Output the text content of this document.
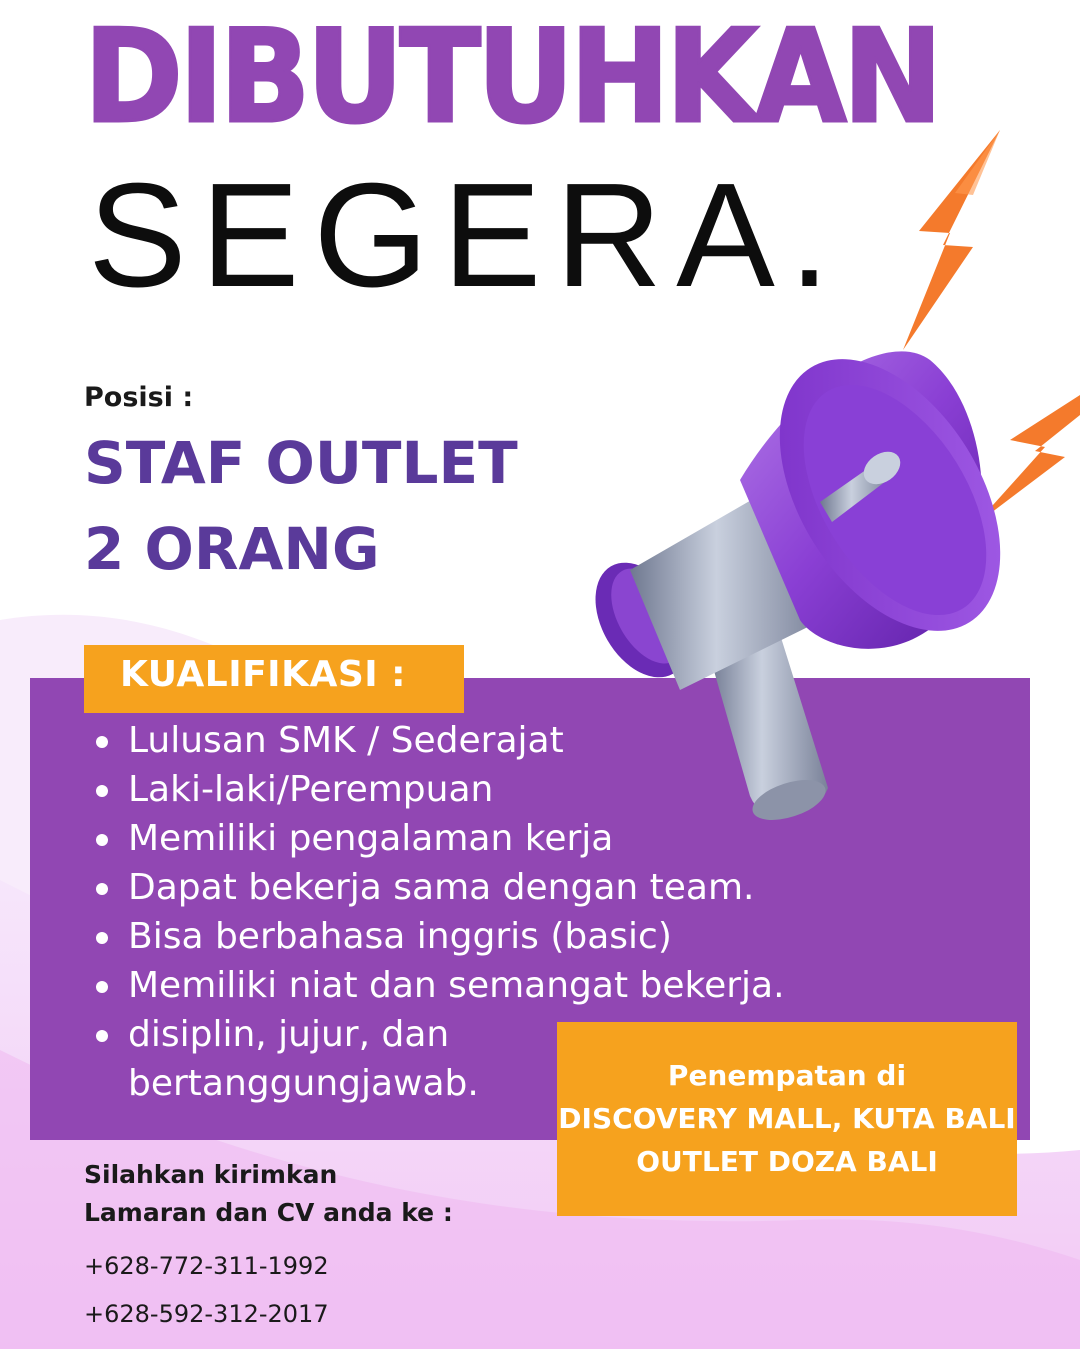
DIBUTUHKAN
SEGERA.
Posisi :
STAF OUTLET
2 ORANG
KUALIFIKASI :
Lulusan SMK / Sederajat
Laki-laki/Perempuan
Memiliki pengalaman kerja
Dapat bekerja sama dengan team.
Bisa berbahasa inggris (basic)
Memiliki niat dan semangat bekerja.
disiplin, jujur, dan
bertanggungjawab.	Penempatan di
DISCOVERY MALL, KUTA BALI
OUTLET DOZA BALI
Silahkan kirimkan
Lamaran dan CV anda ke :
+628-772-311-1992
+628-592-312-2017
